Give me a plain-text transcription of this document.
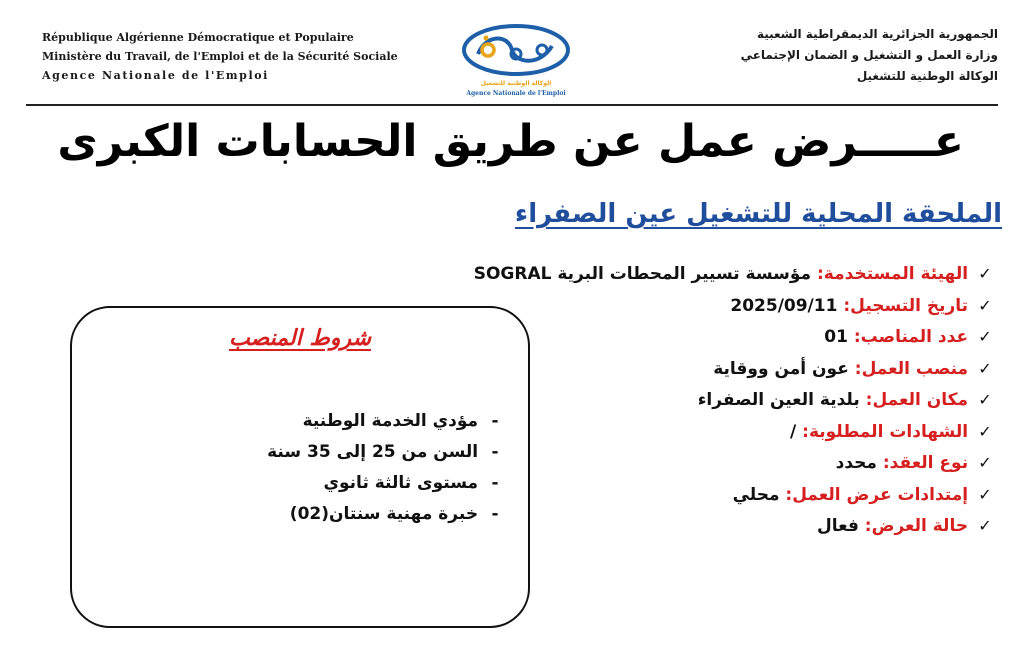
République Algérienne Démocratique et Populaire
Ministère du Travail, de l'Emploi et de la Sécurité Sociale
Agence Nationale de l'Emploi
الوكالة الوطنية للتشغيل
Agence Nationale de l'Emploi
الجمهورية الجزائرية الديمقراطية الشعبية
وزارة العمل و التشغيل و الضمان الإجتماعي
الوكالة الوطنية للتشغيل
عـــــرض عمل عن طريق الحسابات الكبرى
الملحقة المحلية للتشغيل عين الصفراء
✓ الهيئة المستخدمة: مؤسسة تسيير المحطات البرية SOGRAL
✓ تاريخ التسجيل: 2025/09/11
✓ عدد المناصب: 01
✓ منصب العمل: عون أمن ووقاية
✓ مكان العمل: بلدية العين الصفراء
✓ الشهادات المطلوبة: /
✓ نوع العقد: محدد
✓ إمتدادات عرض العمل: محلي
✓ حالة العرض: فعال
شروط المنصب
- مؤدي الخدمة الوطنية
- السن من 25 إلى 35 سنة
- مستوى ثالثة ثانوي
- خبرة مهنية سنتان(02)
